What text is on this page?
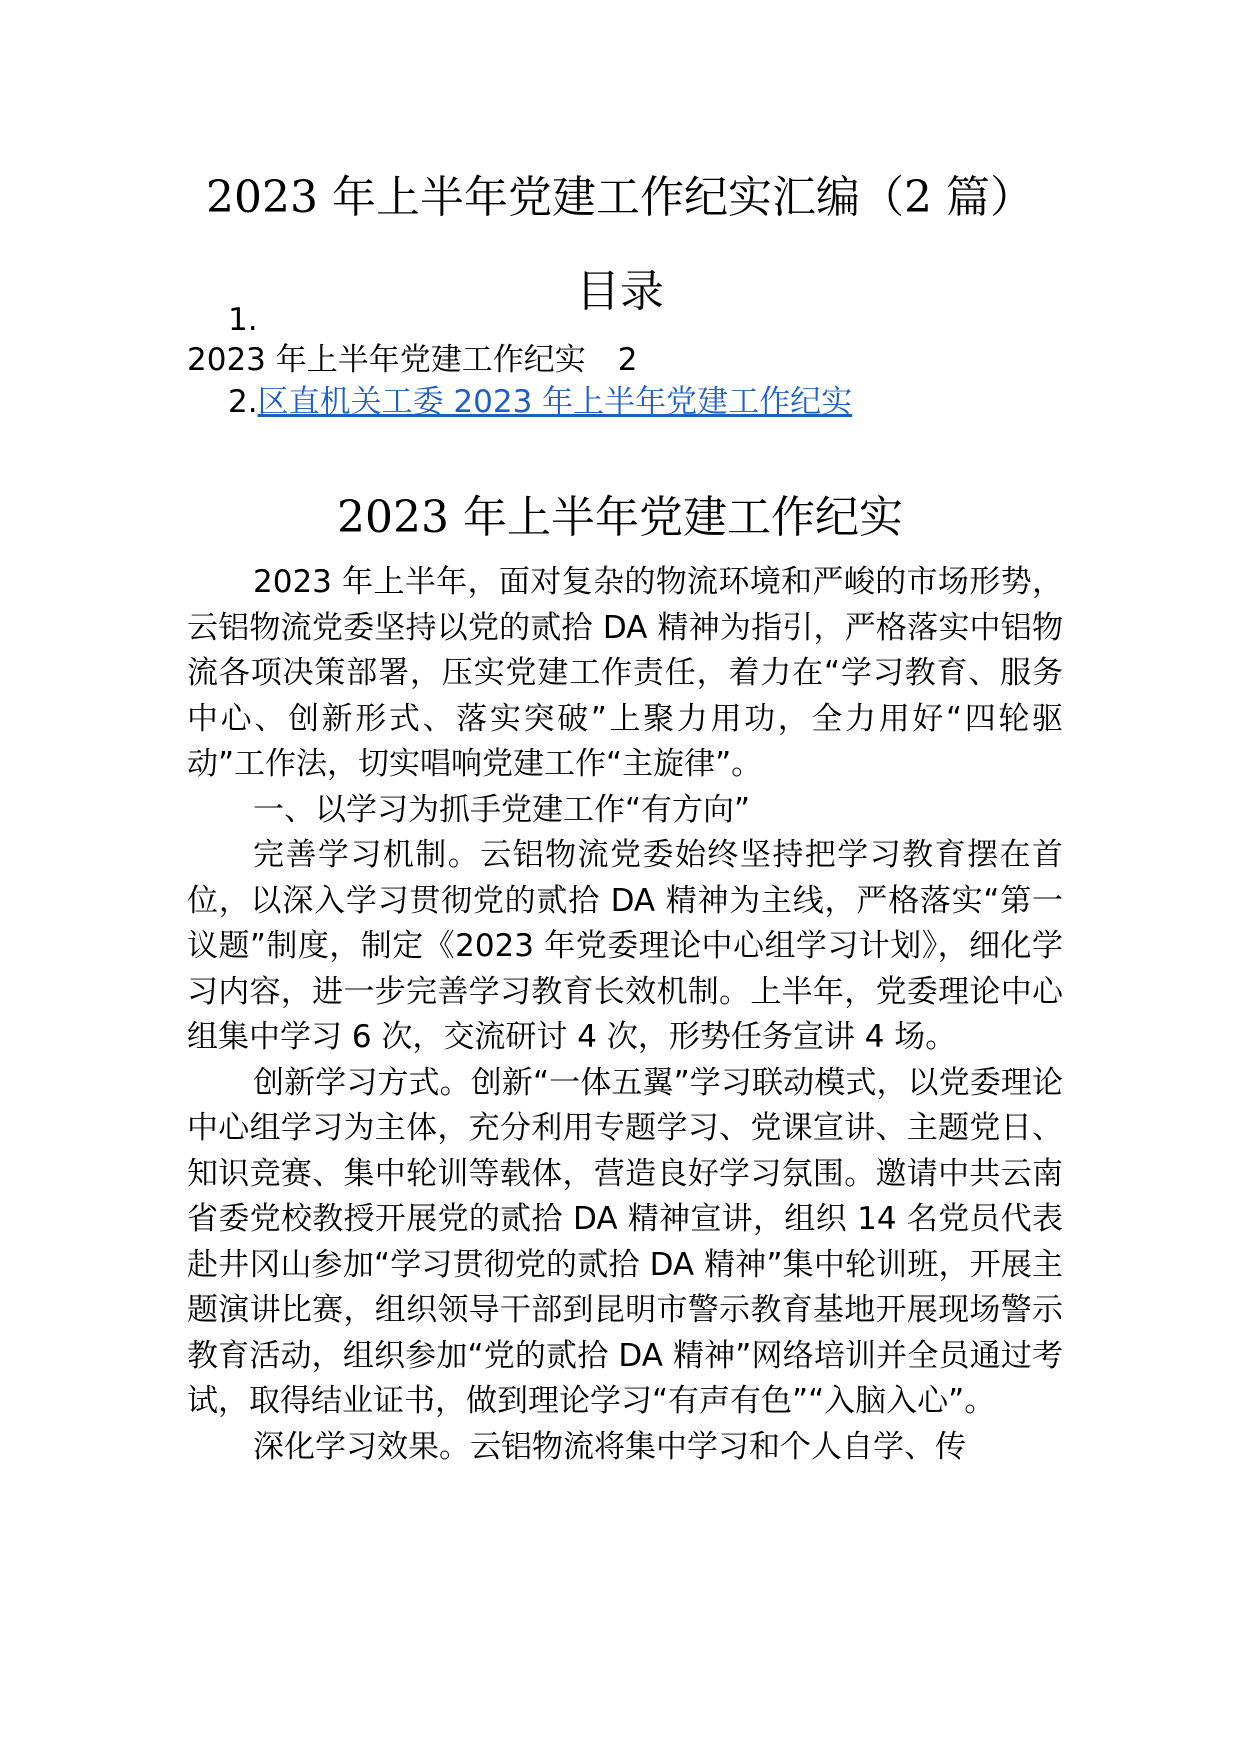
2023 年上半年党建工作纪实汇编（2 篇）
目录
1.
2023 年上半年党建工作纪实 2
2.区直机关工委 2023 年上半年党建工作纪实
2023 年上半年党建工作纪实

2023 年上半年，面对复杂的物流环境和严峻的市场形势，云铝物流党委坚持以党的贰拾 DA 精神为指引，严格落实中铝物流各项决策部署，压实党建工作责任，着力在“学习教育、服务中心、创新形式、落实突破”上聚力用功，全力用好“四轮驱动”工作法，切实唱响党建工作“主旋律”。

一、以学习为抓手党建工作“有方向”

完善学习机制。云铝物流党委始终坚持把学习教育摆在首位，以深入学习贯彻党的贰拾 DA 精神为主线，严格落实“第一议题”制度，制定《2023 年党委理论中心组学习计划》，细化学习内容，进一步完善学习教育长效机制。上半年，党委理论中心组集中学习 6 次，交流研讨 4 次，形势任务宣讲 4 场。

创新学习方式。创新“一体五翼”学习联动模式，以党委理论中心组学习为主体，充分利用专题学习、党课宣讲、主题党日、知识竞赛、集中轮训等载体，营造良好学习氛围。邀请中共云南省委党校教授开展党的贰拾 DA 精神宣讲，组织 14 名党员代表赴井冈山参加“学习贯彻党的贰拾 DA 精神”集中轮训班，开展主题演讲比赛，组织领导干部到昆明市警示教育基地开展现场警示教育活动，组织参加“党的贰拾 DA 精神”网络培训并全员通过考试，取得结业证书，做到理论学习“有声有色”“入脑入心”。

深化学习效果。云铝物流将集中学习和个人自学、传
